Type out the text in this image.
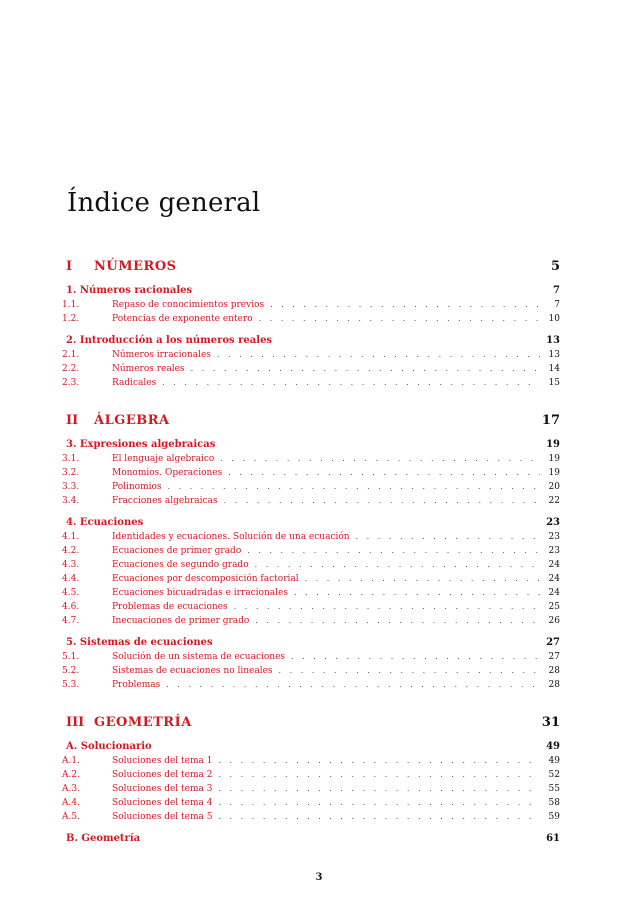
Índice general
I	NÚMEROS	5
1. Números racionales	7
1.1.	Repaso de conocimientos previos . . .	7
1.2.	Potencias de exponente entero . . .	10
2. Introducción a los números reales	13
2.1.	Números irracionales . . .	13
2.2.	Números reales . . .	14
2.3.	Radicales . . .	15
II	ÁLGEBRA	17
3. Expresiones algebraicas	19
3.1.	El lenguaje algebraico . . .	19
3.2.	Monomios. Operaciones . . .	19
3.3.	Polinomios . . .	20
3.4.	Fracciones algebraicas . . .	22
4. Ecuaciones	23
4.1.	Identidades y ecuaciones. Solución de una ecuación . . .	23
4.2.	Ecuaciones de primer grado . . .	23
4.3.	Ecuaciones de segundo grado . . .	24
4.4.	Ecuaciones por descomposición factorial . . .	24
4.5.	Ecuaciones bicuadradas e irracionales . . .	24
4.6.	Problemas de ecuaciones . . .	25
4.7.	Inecuaciones de primer grado . . .	26
5. Sistemas de ecuaciones	27
5.1.	Solución de un sistema de ecuaciones . . .	27
5.2.	Sistemas de ecuaciones no lineales . . .	28
5.3.	Problemas . . .	28
III GEOMETRÍA	31
A. Solucionario	49
A.1.	Soluciones del tema 1 . . .	49
A.2.	Soluciones del tema 2 . . .	52
A.3.	Soluciones del tema 3 . . .	55
A.4.	Soluciones del tema 4 . . .	58
A.5.	Soluciones del tema 5 . . .	59
B. Geometría	61
3
